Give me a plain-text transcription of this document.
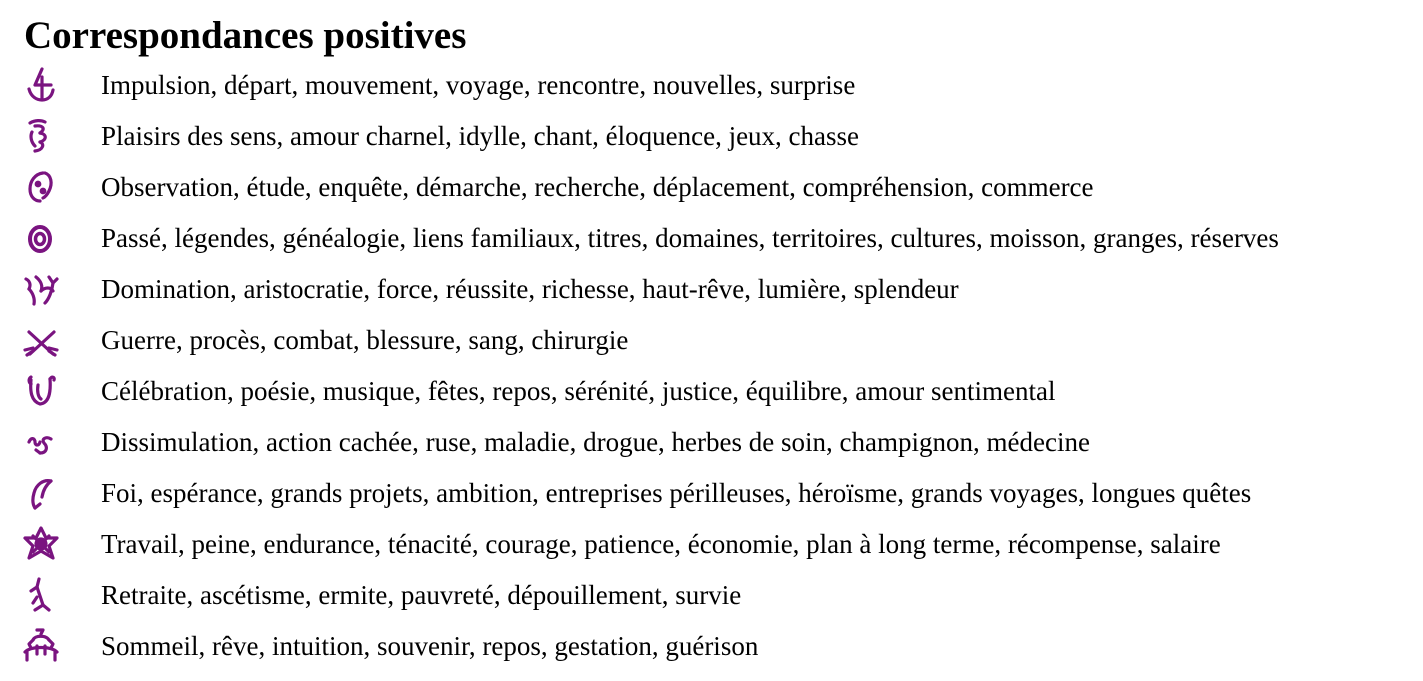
Correspondances positives
Impulsion, départ, mouvement, voyage, rencontre, nouvelles, surprise
Plaisirs des sens, amour charnel, idylle, chant, éloquence, jeux, chasse
Observation, étude, enquête, démarche, recherche, déplacement, compréhension, commerce
Passé, légendes, généalogie, liens familiaux, titres, domaines, territoires, cultures, moisson, granges, réserves
Domination, aristocratie, force, réussite, richesse, haut-rêve, lumière, splendeur
Guerre, procès, combat, blessure, sang, chirurgie
Célébration, poésie, musique, fêtes, repos, sérénité, justice, équilibre, amour sentimental
Dissimulation, action cachée, ruse, maladie, drogue, herbes de soin, champignon, médecine
Foi, espérance, grands projets, ambition, entreprises périlleuses, héroïsme, grands voyages, longues quêtes
Travail, peine, endurance, ténacité, courage, patience, économie, plan à long terme, récompense, salaire
Retraite, ascétisme, ermite, pauvreté, dépouillement, survie
Sommeil, rêve, intuition, souvenir, repos, gestation, guérison
